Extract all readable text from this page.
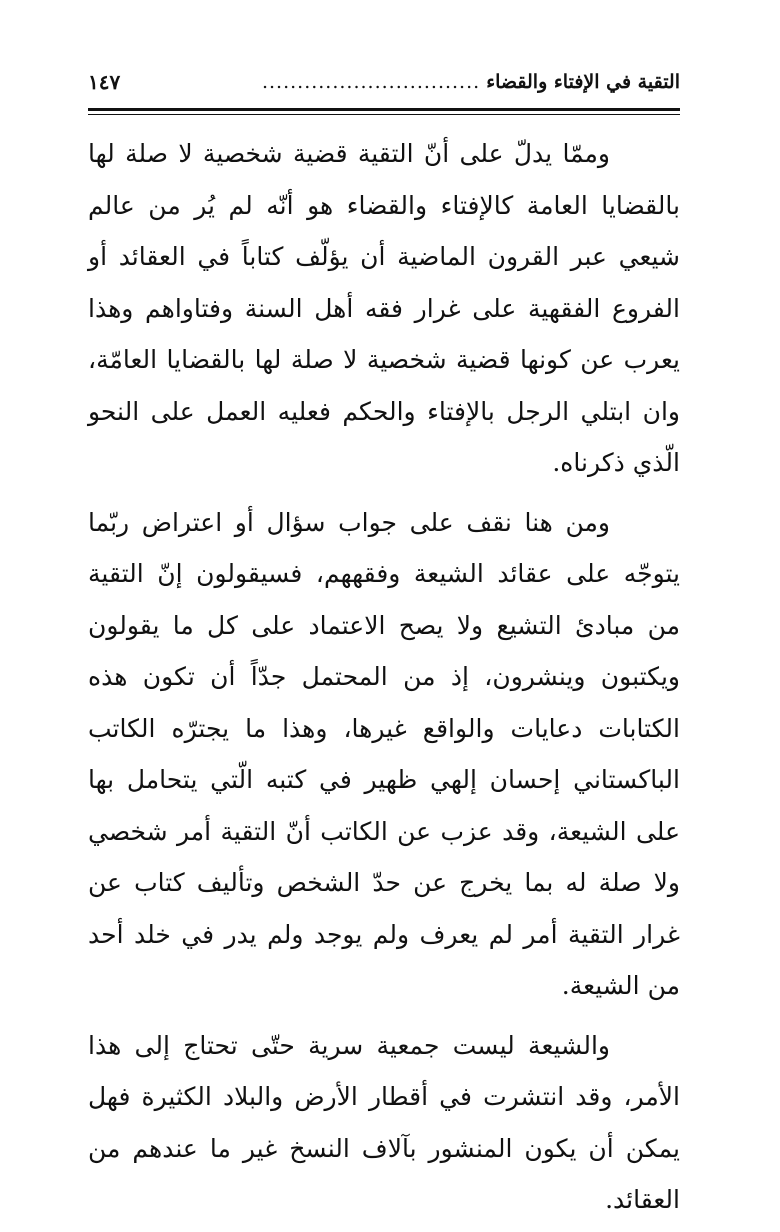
التقية في الإفتاء والقضاء
...............................
١٤٧

وممّا يدلّ على أنّ التقية قضية شخصية لا صلة لها بالقضايا العامة كالإفتاء والقضاء هو أنّه لم يُر من عالم شيعي عبر القرون الماضية أن يؤلّف كتاباً في العقائد أو الفروع الفقهية على غرار فقه أهل السنة وفتاواهم وهذا يعرب عن كونها قضية شخصية لا صلة لها بالقضايا العامّة، وان ابتلي الرجل بالإفتاء والحكم فعليه العمل على النحو الّذي ذكرناه.

ومن هنا نقف على جواب سؤال أو اعتراض ربّما يتوجّه على عقائد الشيعة وفقههم، فسيقولون إنّ التقية من مبادئ التشيع ولا يصح الاعتماد على كل ما يقولون ويكتبون وينشرون، إذ من المحتمل جدّاً أن تكون هذه الكتابات دعايات والواقع غيرها، وهذا ما يجترّه الكاتب الباكستاني إحسان إلهي ظهير في كتبه الّتي يتحامل بها على الشيعة، وقد عزب عن الكاتب أنّ التقية أمر شخصي ولا صلة له بما يخرج عن حدّ الشخص وتأليف كتاب عن غرار التقية أمر لم يعرف ولم يوجد ولم يدر في خلد أحد من الشيعة.

والشيعة ليست جمعية سرية حتّى تحتاج إلى هذا الأمر، وقد انتشرت في أقطار الأرض والبلاد الكثيرة فهل يمكن أن يكون المنشور بآلاف النسخ غير ما عندهم من العقائد.
